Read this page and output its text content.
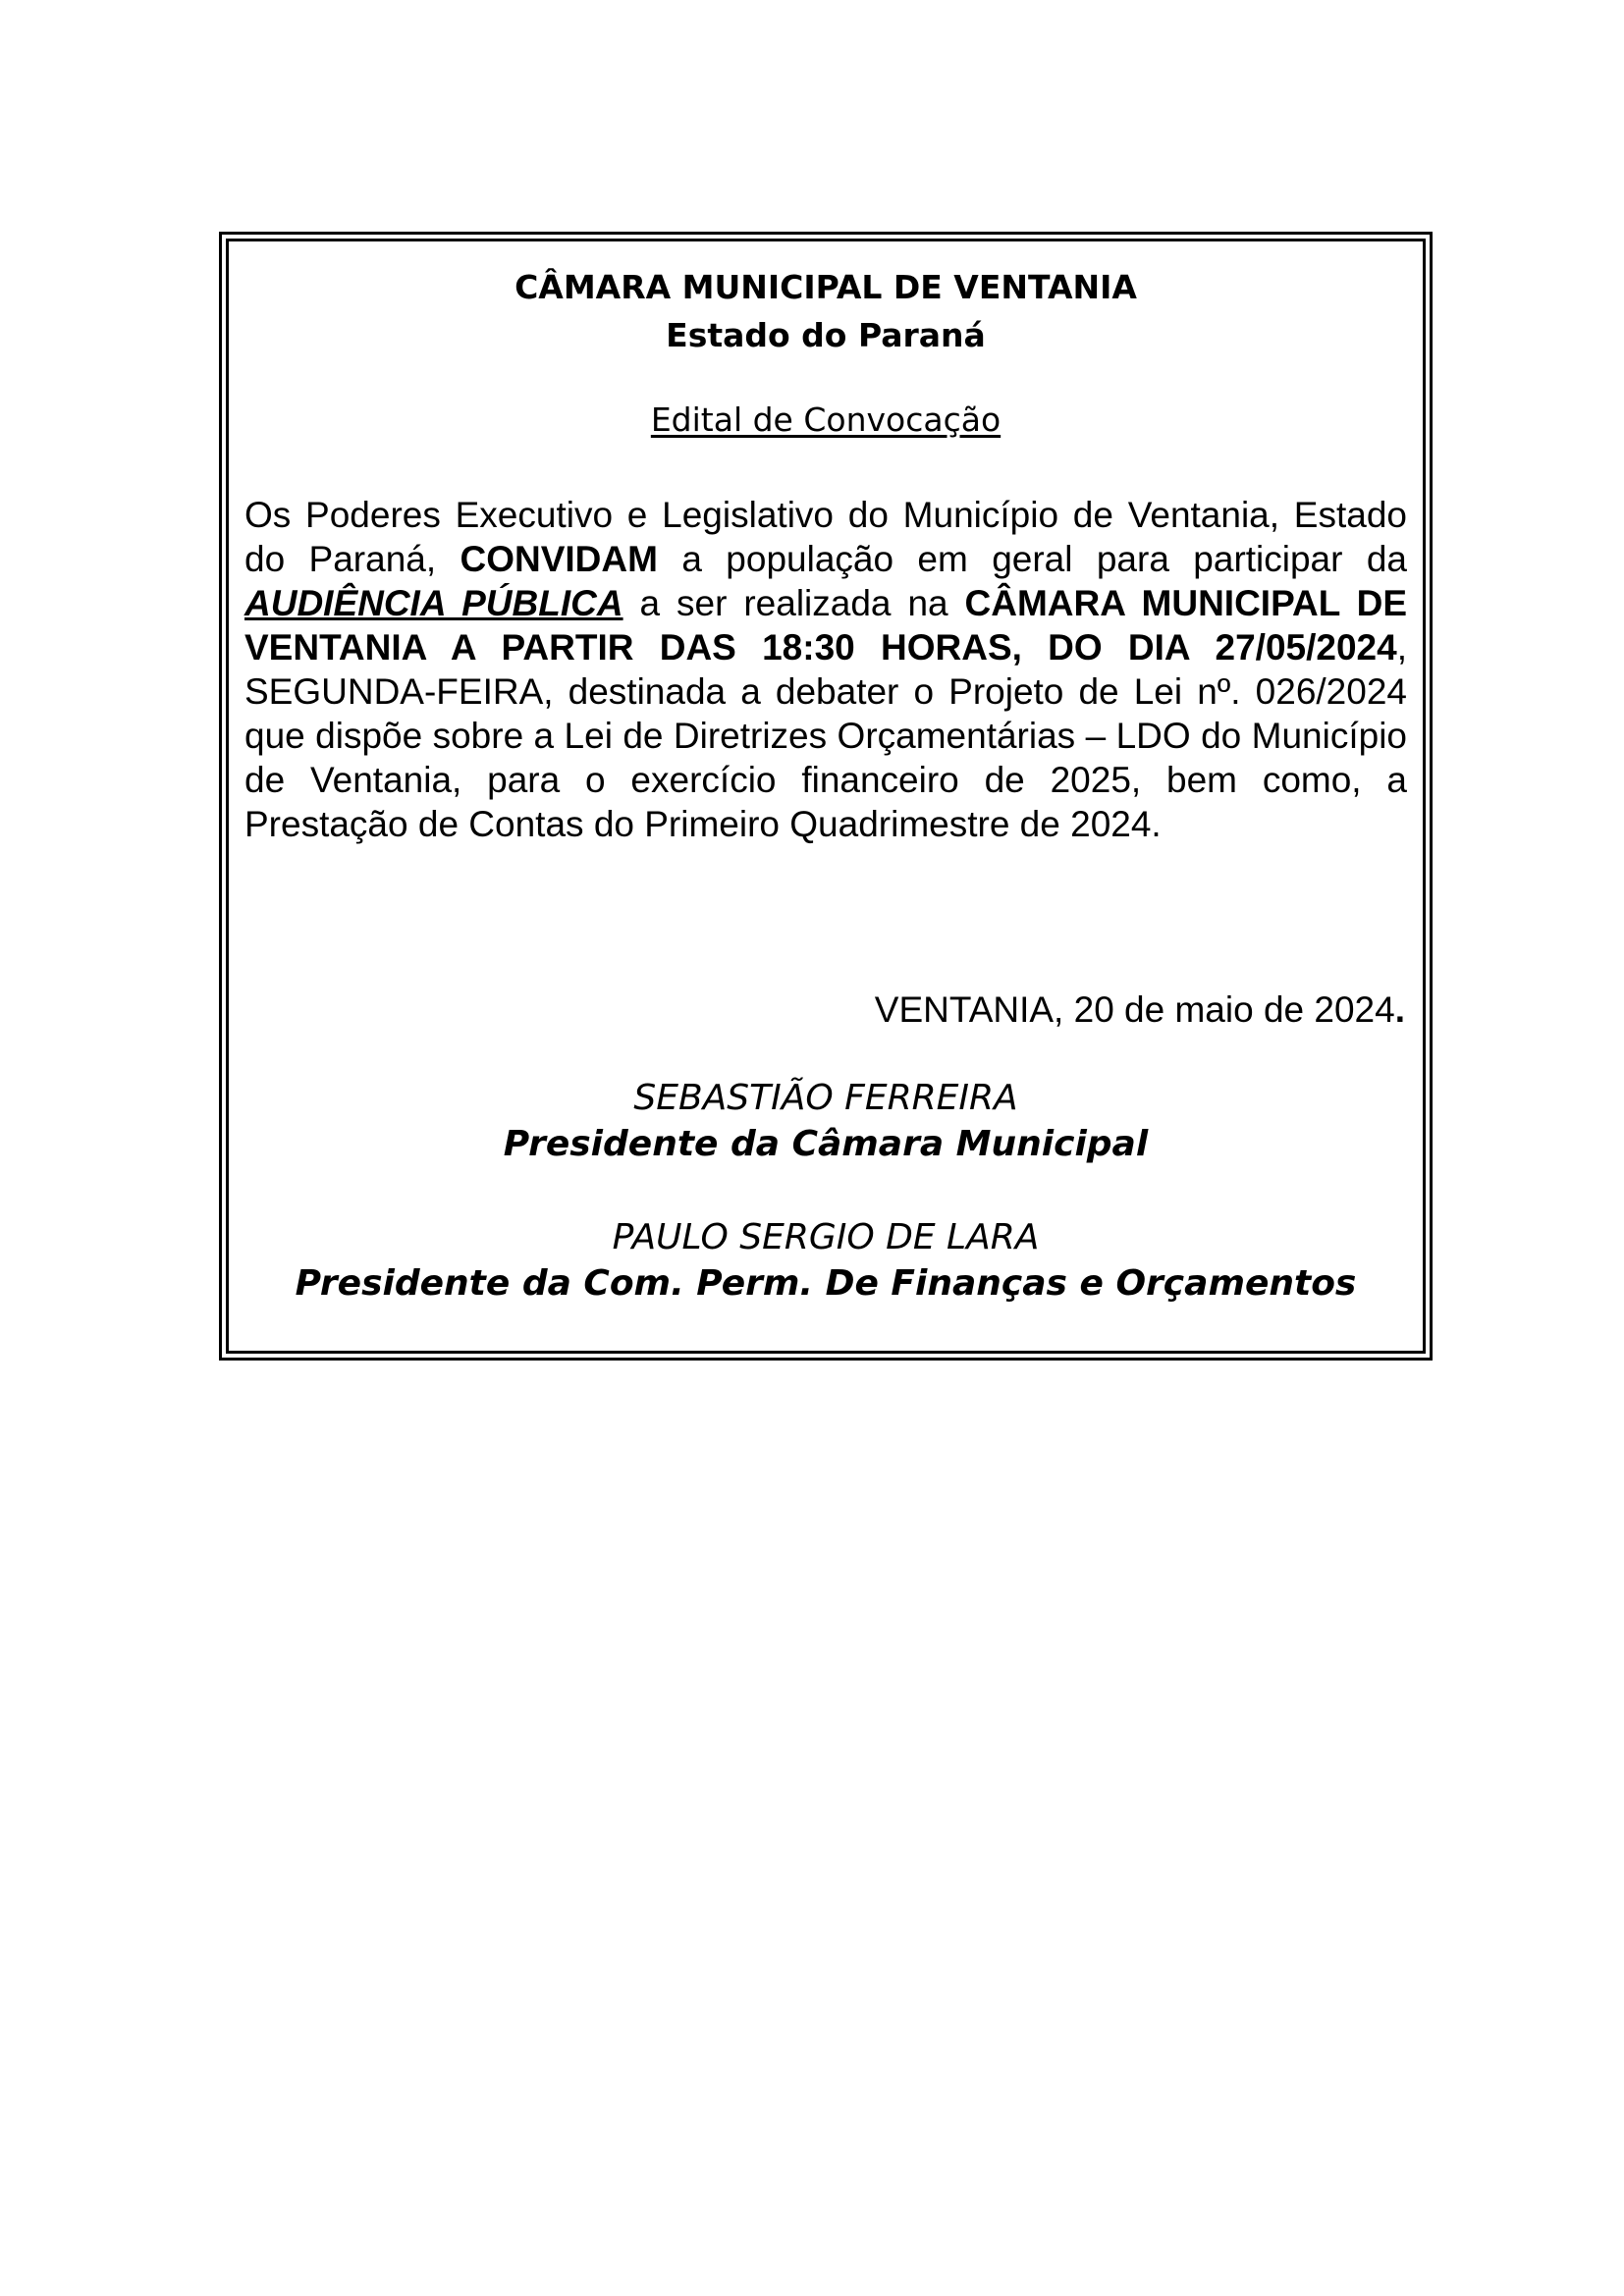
CÂMARA MUNICIPAL DE VENTANIA
Estado do Paraná
Edital de Convocação
Os Poderes Executivo e Legislativo do Município de Ventania, Estado do Paraná, CONVIDAM a população em geral para participar da AUDIÊNCIA PÚBLICA a ser realizada na CÂMARA MUNICIPAL DE VENTANIA A PARTIR DAS 18:30 HORAS, DO DIA 27/05/2024, SEGUNDA-FEIRA, destinada a debater o Projeto de Lei nº. 026/2024 que dispõe sobre a Lei de Diretrizes Orçamentárias – LDO do Município de Ventania, para o exercício financeiro de 2025, bem como, a Prestação de Contas do Primeiro Quadrimestre de 2024.
VENTANIA, 20 de maio de 2024.
SEBASTIÃO FERREIRA
Presidente da Câmara Municipal
PAULO SERGIO DE LARA
Presidente da Com. Perm. De Finanças e Orçamentos
